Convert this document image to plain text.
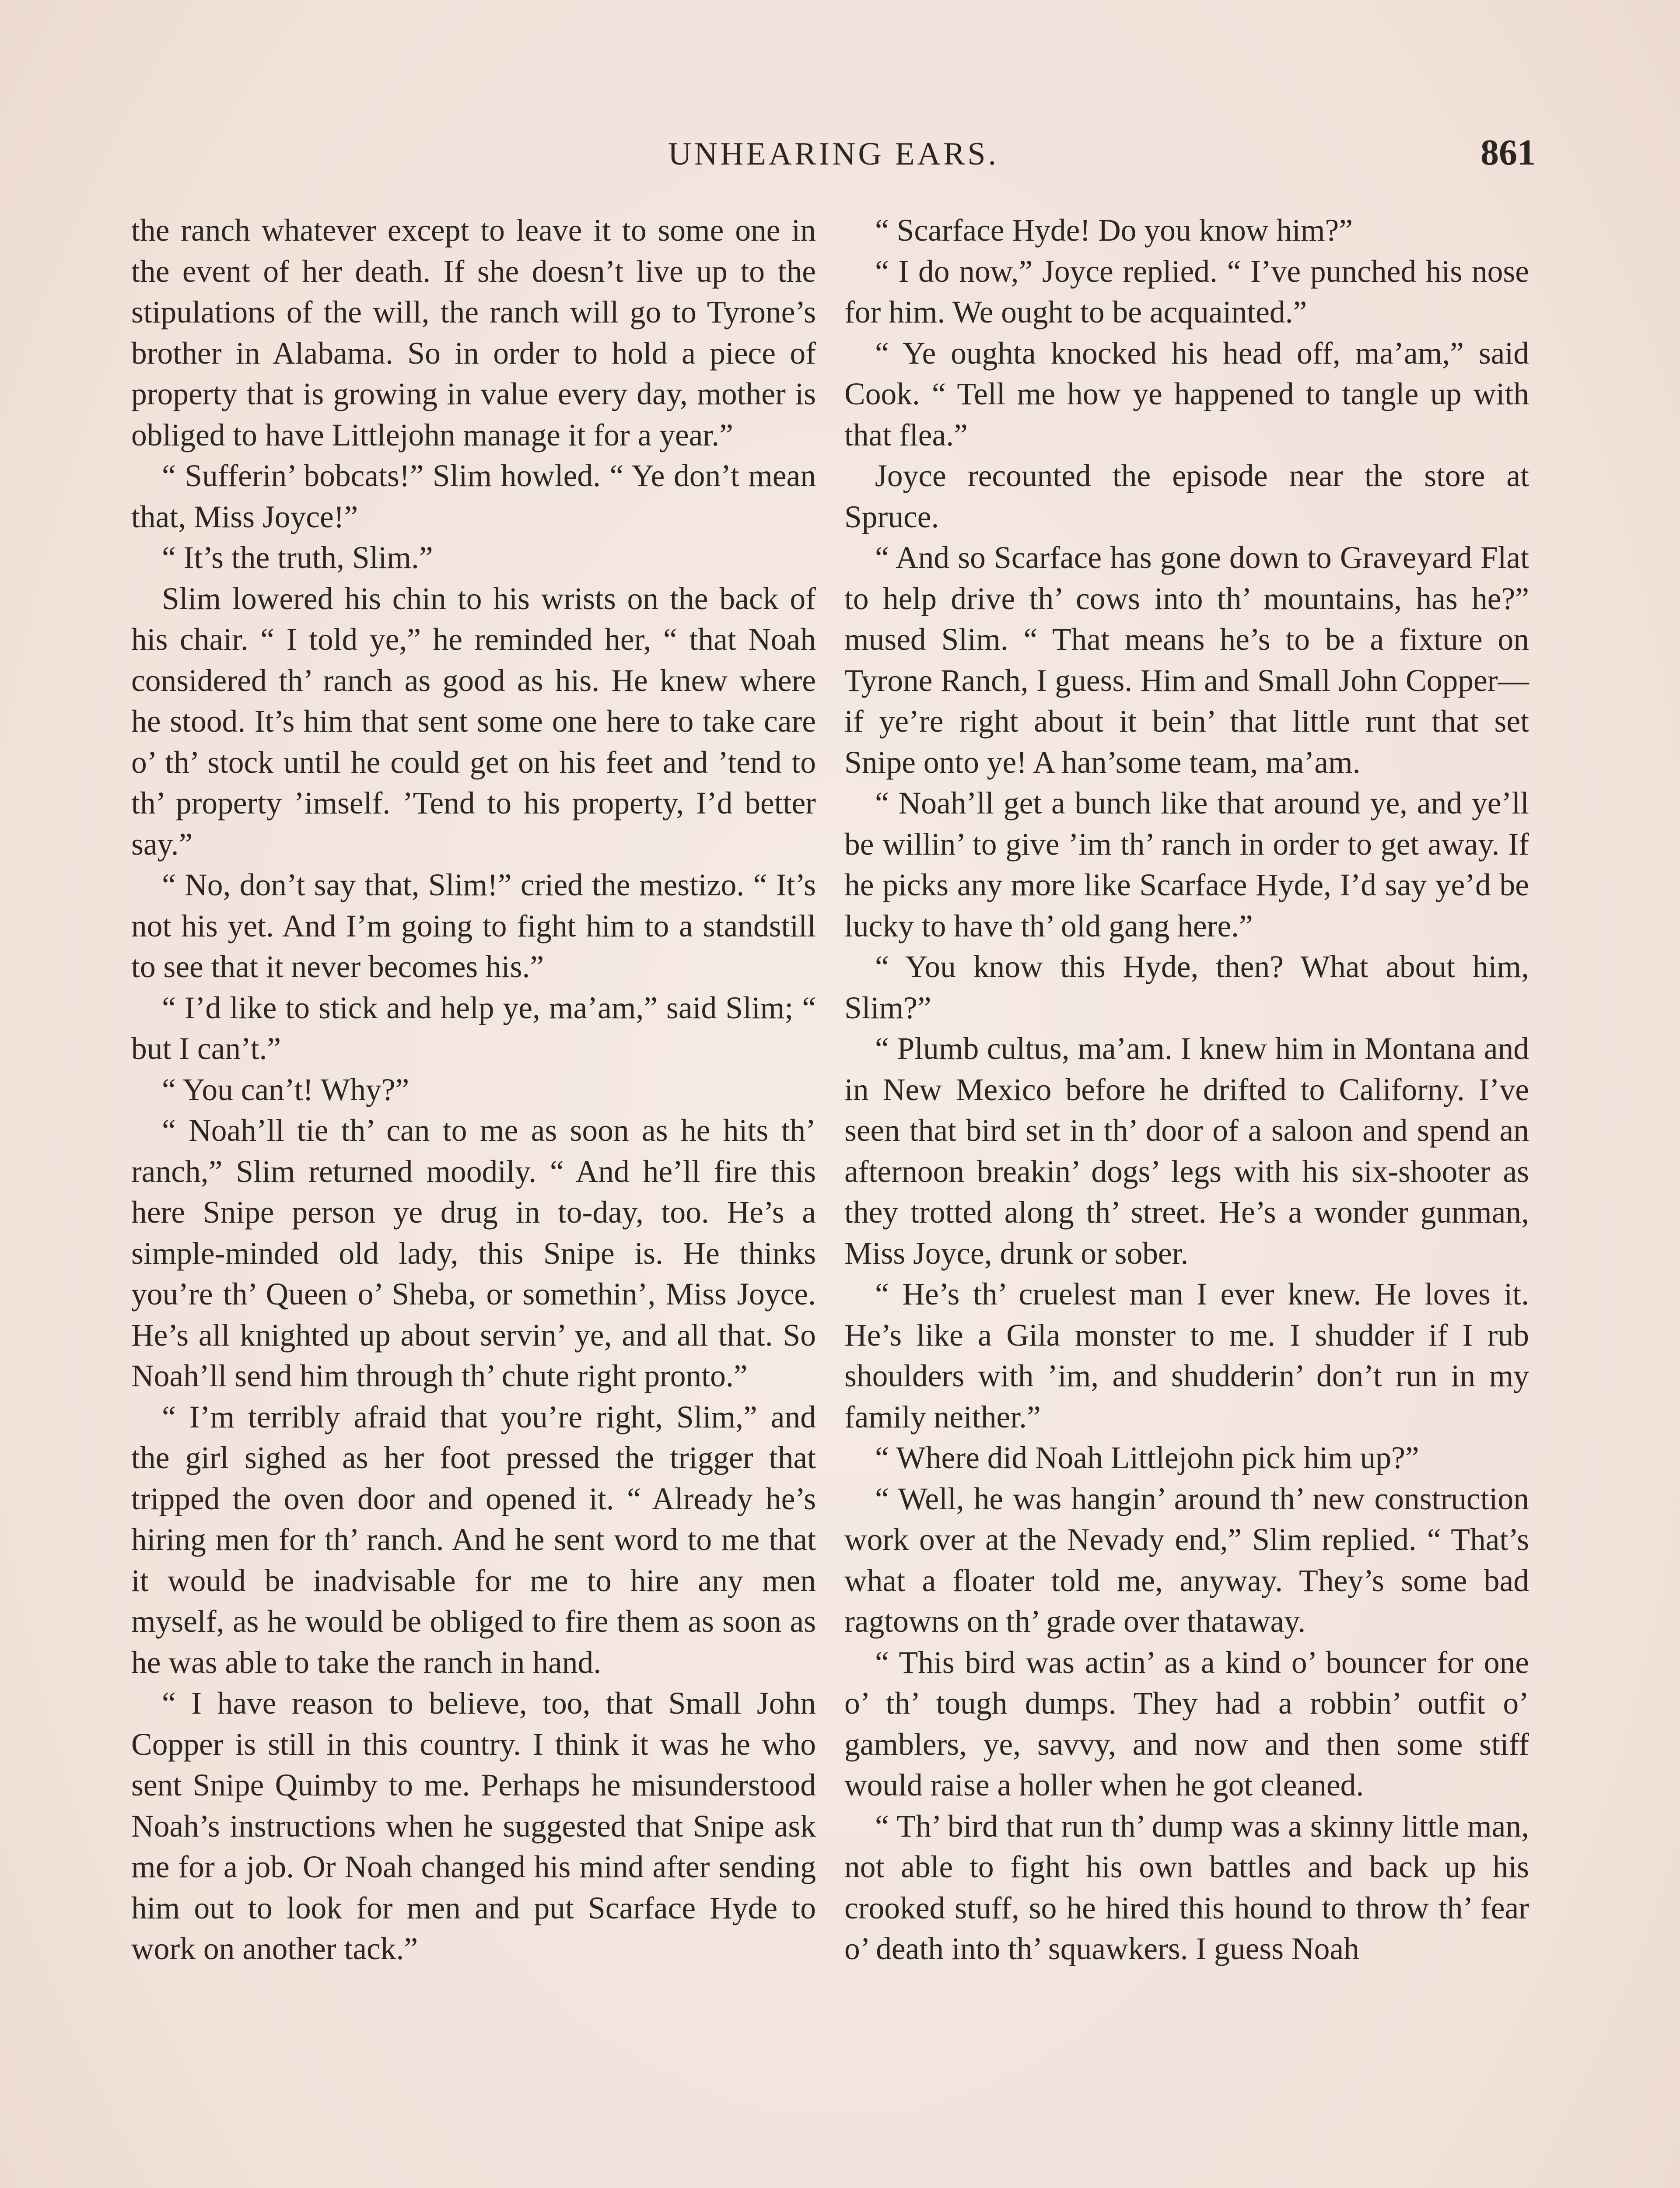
UNHEARING EARS.	861

the ranch whatever except to leave it to some one in the event of her death. If she doesn’t live up to the stipulations of the will, the ranch will go to Tyrone’s brother in Alabama. So in order to hold a piece of property that is growing in value every day, mother is obliged to have Littlejohn manage it for a year.”

“ Sufferin’ bobcats!” Slim howled. “ Ye don’t mean that, Miss Joyce!”

“ It’s the truth, Slim.”

Slim lowered his chin to his wrists on the back of his chair. “ I told ye,” he reminded her, “ that Noah considered th’ ranch as good as his. He knew where he stood. It’s him that sent some one here to take care o’ th’ stock until he could get on his feet and ’tend to th’ property ’imself. ’Tend to his property, I’d better say.”

“ No, don’t say that, Slim!” cried the mestizo. “ It’s not his yet. And I’m going to fight him to a standstill to see that it never becomes his.”

“ I’d like to stick and help ye, ma’am,” said Slim; “ but I can’t.”

“ You can’t! Why?”

“ Noah’ll tie th’ can to me as soon as he hits th’ ranch,” Slim returned moodily. “ And he’ll fire this here Snipe person ye drug in to-day, too. He’s a simple-minded old lady, this Snipe is. He thinks you’re th’ Queen o’ Sheba, or somethin’, Miss Joyce. He’s all knighted up about servin’ ye, and all that. So Noah’ll send him through th’ chute right pronto.”

“ I’m terribly afraid that you’re right, Slim,” and the girl sighed as her foot pressed the trigger that tripped the oven door and opened it. “ Already he’s hiring men for th’ ranch. And he sent word to me that it would be inadvisable for me to hire any men myself, as he would be obliged to fire them as soon as he was able to take the ranch in hand.

“ I have reason to believe, too, that Small John Copper is still in this country. I think it was he who sent Snipe Quimby to me. Perhaps he misunderstood Noah’s instructions when he suggested that Snipe ask me for a job. Or Noah changed his mind after sending him out to look for men and put Scarface Hyde to work on another tack.”

“ Scarface Hyde! Do you know him?”

“ I do now,” Joyce replied. “ I’ve punched his nose for him. We ought to be acquainted.”

“ Ye oughta knocked his head off, ma’am,” said Cook. “ Tell me how ye happened to tangle up with that flea.”

Joyce recounted the episode near the store at Spruce.

“ And so Scarface has gone down to Graveyard Flat to help drive th’ cows into th’ mountains, has he?” mused Slim. “ That means he’s to be a fixture on Tyrone Ranch, I guess. Him and Small John Copper—if ye’re right about it bein’ that little runt that set Snipe onto ye! A han’some team, ma’am.

“ Noah’ll get a bunch like that around ye, and ye’ll be willin’ to give ’im th’ ranch in order to get away. If he picks any more like Scarface Hyde, I’d say ye’d be lucky to have th’ old gang here.”

“ You know this Hyde, then? What about him, Slim?”

“ Plumb cultus, ma’am. I knew him in Montana and in New Mexico before he drifted to Californy. I’ve seen that bird set in th’ door of a saloon and spend an afternoon breakin’ dogs’ legs with his six-shooter as they trotted along th’ street. He’s a wonder gunman, Miss Joyce, drunk or sober.

“ He’s th’ cruelest man I ever knew. He loves it. He’s like a Gila monster to me. I shudder if I rub shoulders with ’im, and shudderin’ don’t run in my family neither.”

“ Where did Noah Littlejohn pick him up?”

“ Well, he was hangin’ around th’ new construction work over at the Nevady end,” Slim replied. “ That’s what a floater told me, anyway. They’s some bad ragtowns on th’ grade over thataway.

“ This bird was actin’ as a kind o’ bouncer for one o’ th’ tough dumps. They had a robbin’ outfit o’ gamblers, ye, savvy, and now and then some stiff would raise a holler when he got cleaned.

“ Th’ bird that run th’ dump was a skinny little man, not able to fight his own battles and back up his crooked stuff, so he hired this hound to throw th’ fear o’ death into th’ squawkers. I guess Noah
